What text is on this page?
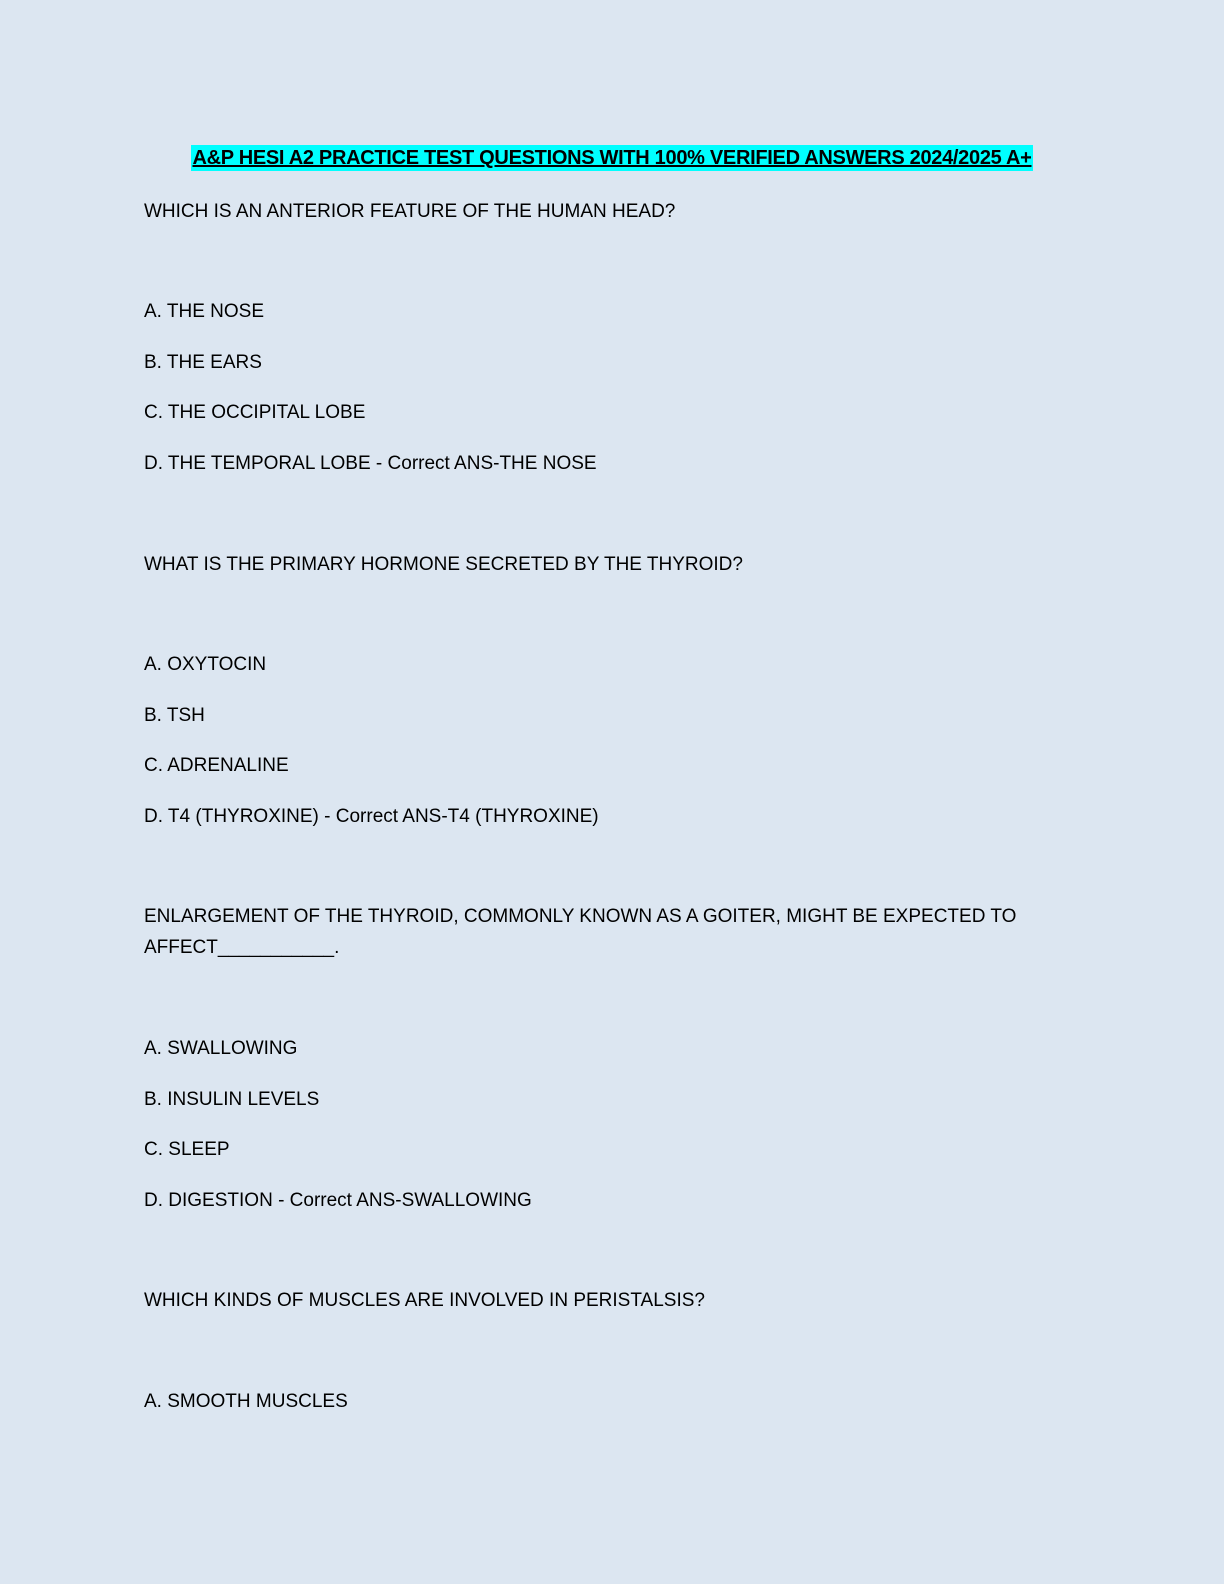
A&P HESI A2 PRACTICE TEST QUESTIONS WITH 100% VERIFIED ANSWERS 2024/2025 A+
WHICH IS AN ANTERIOR FEATURE OF THE HUMAN HEAD?
A. THE NOSE
B. THE EARS
C. THE OCCIPITAL LOBE
D. THE TEMPORAL LOBE - Correct ANS-THE NOSE
WHAT IS THE PRIMARY HORMONE SECRETED BY THE THYROID?
A. OXYTOCIN
B. TSH
C. ADRENALINE
D. T4 (THYROXINE) - Correct ANS-T4 (THYROXINE)
ENLARGEMENT OF THE THYROID, COMMONLY KNOWN AS A GOITER, MIGHT BE EXPECTED TO
AFFECT___________.
A. SWALLOWING
B. INSULIN LEVELS
C. SLEEP
D. DIGESTION - Correct ANS-SWALLOWING
WHICH KINDS OF MUSCLES ARE INVOLVED IN PERISTALSIS?
A. SMOOTH MUSCLES
